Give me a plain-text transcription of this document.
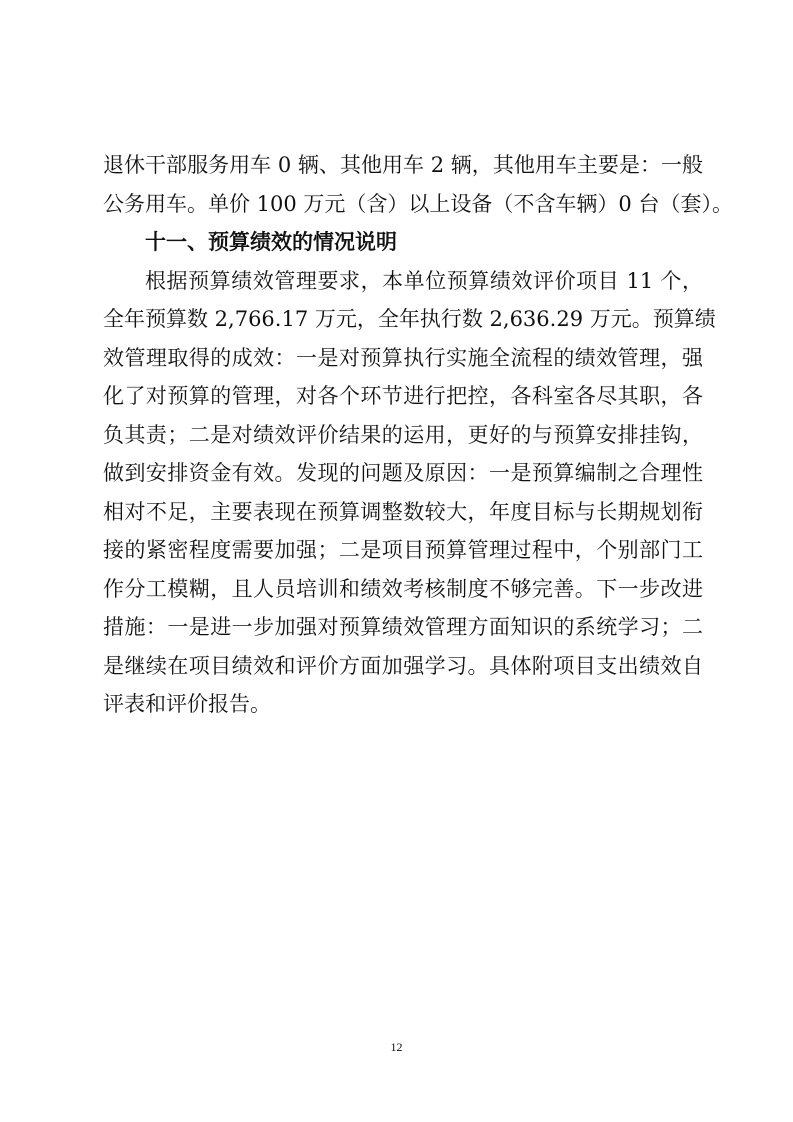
退休干部服务用车 0 辆、其他用车 2 辆，其他用车主要是：一般
公务用车。单价 100 万元（含）以上设备（不含车辆）0 台（套）。
十一、预算绩效的情况说明
根据预算绩效管理要求，本单位预算绩效评价项目 11 个，
全年预算数 2,766.17 万元，全年执行数 2,636.29 万元。预算绩
效管理取得的成效：一是对预算执行实施全流程的绩效管理，强
化了对预算的管理，对各个环节进行把控，各科室各尽其职，各
负其责；二是对绩效评价结果的运用，更好的与预算安排挂钩，
做到安排资金有效。发现的问题及原因：一是预算编制之合理性
相对不足，主要表现在预算调整数较大，年度目标与长期规划衔
接的紧密程度需要加强；二是项目预算管理过程中，个别部门工
作分工模糊，且人员培训和绩效考核制度不够完善。下一步改进
措施：一是进一步加强对预算绩效管理方面知识的系统学习；二
是继续在项目绩效和评价方面加强学习。具体附项目支出绩效自
评表和评价报告。
12
